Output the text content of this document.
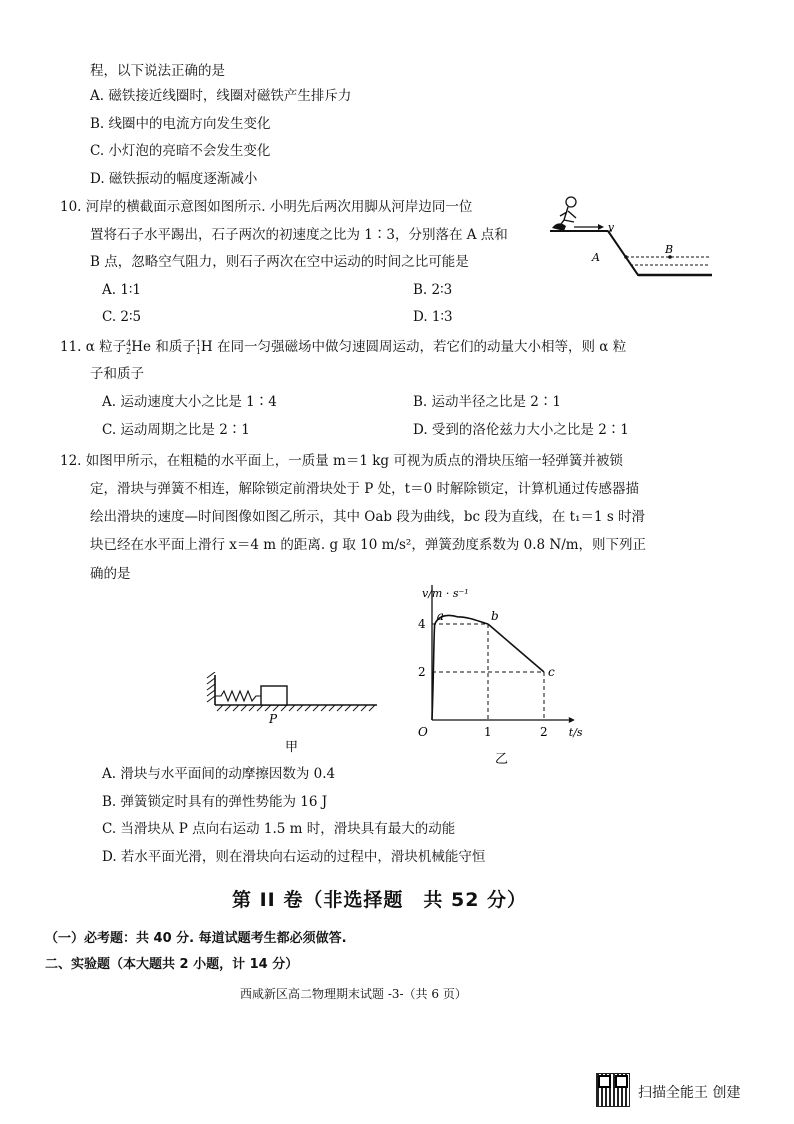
程，以下说法正确的是
A. 磁铁接近线圈时，线圈对磁铁产生排斥力
B. 线圈中的电流方向发生变化
C. 小灯泡的亮暗不会发生变化
D. 磁铁振动的幅度逐渐减小
10. 河岸的横截面示意图如图所示. 小明先后两次用脚从河岸边同一位
置将石子水平踢出，石子两次的初速度之比为 1∶3，分别落在 A 点和
B 点，忽略空气阻力，则石子两次在空中运动的时间之比可能是
v
A
B
A. 1∶1	B. 2∶3
C. 2∶5	D. 1∶3
11. α 粒子 4
2 He 和质子 1
1 H 在同一匀强磁场中做匀速圆周运动，若它们的动量大小相等，则 α 粒
子和质子
A. 运动速度大小之比是 1∶4	B. 运动半径之比是 2∶1
C. 运动周期之比是 2∶1	D. 受到的洛伦兹力大小之比是 2∶1
12. 如图甲所示，在粗糙的水平面上，一质量 m＝1 kg 可视为质点的滑块压缩一轻弹簧并被锁
定，滑块与弹簧不相连，解除锁定前滑块处于 P 处，t＝0 时解除锁定，计算机通过传感器描
绘出滑块的速度—时间图像如图乙所示，其中 Oab 段为曲线，bc 段为直线，在 t₁＝1 s 时滑
块已经在水平面上滑行 x＝4 m 的距离. g 取 10 m/s²，弹簧劲度系数为 0.8 N/m，则下列正
确的是
P
甲
v/m · s⁻¹
t/s
O	1	2
2
4
a	b
c
乙
A. 滑块与水平面间的动摩擦因数为 0.4
B. 弹簧锁定时具有的弹性势能为 16 J
C. 当滑块从 P 点向右运动 1.5 m 时，滑块具有最大的动能
D. 若水平面光滑，则在滑块向右运动的过程中，滑块机械能守恒
第 II 卷（非选择题　共 52 分）
（一）必考题：共 40 分. 每道试题考生都必须做答.
二、实验题（本大题共 2 小题，计 14 分）
西咸新区高二物理期末试题 -3-（共 6 页）
扫描全能王 创建
